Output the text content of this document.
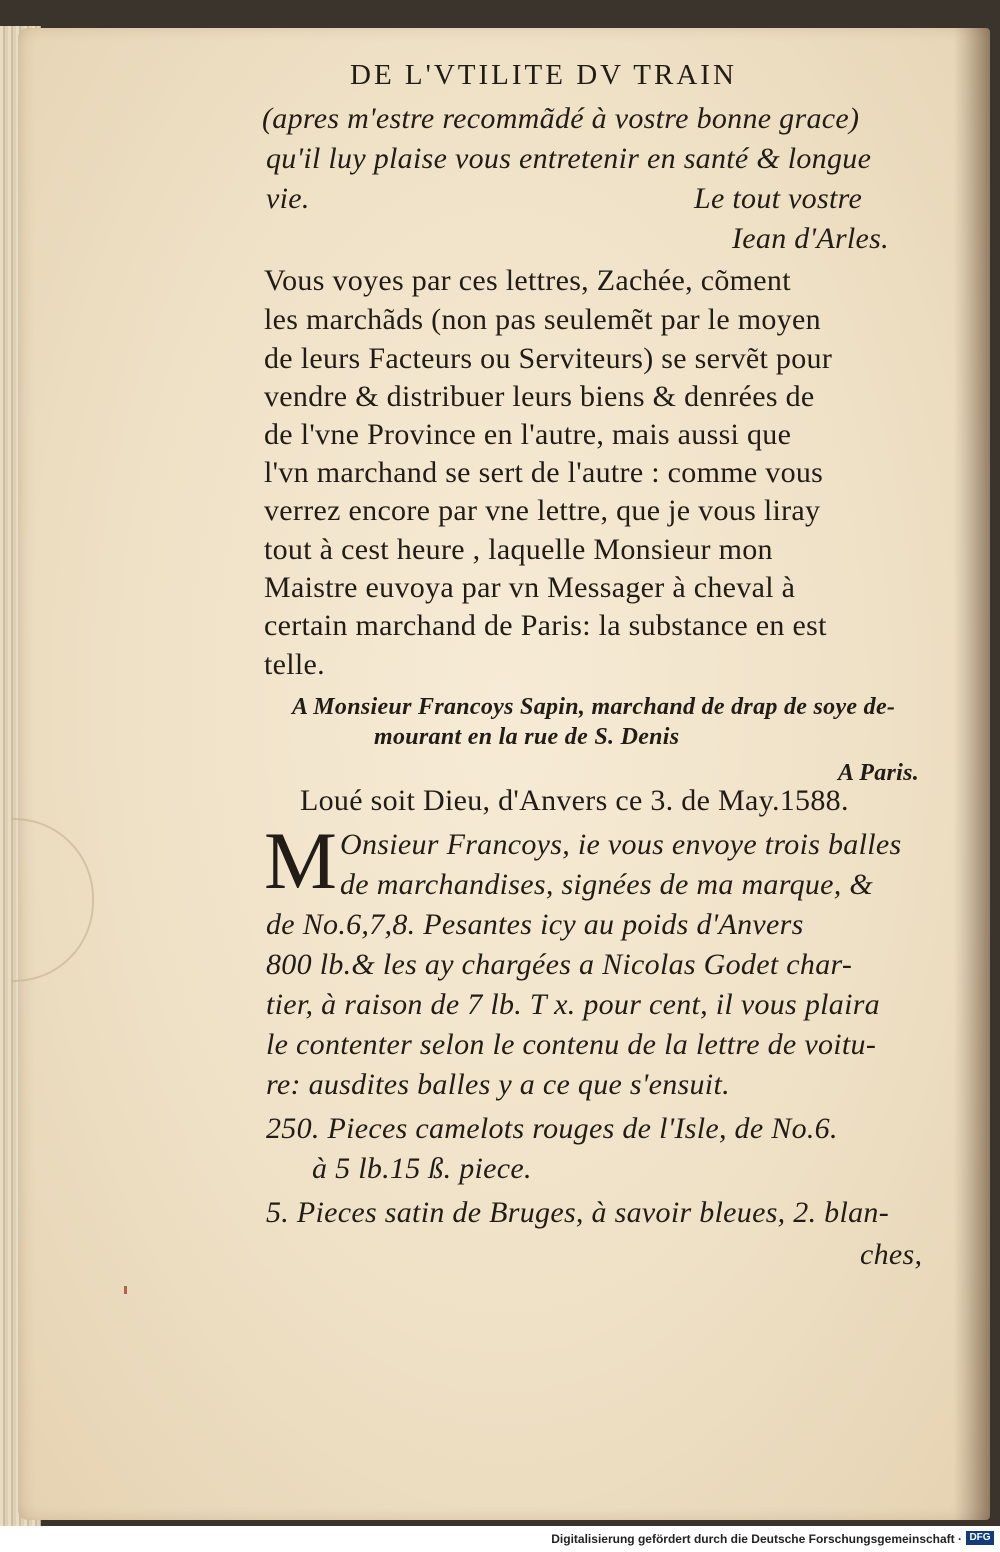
DE L'VTILITE DV TRAIN
(apres m'estre recommãdé à vostre bonne grace)
qu'il luy plaise vous entretenir en santé & longue
vie.	Le tout vostre
Iean d'Arles.
Vous voyes par ces lettres, Zachée, cõment
les marchãds (non pas seulemẽt par le moyen
de leurs Facteurs ou Serviteurs) se servẽt pour
vendre & distribuer leurs biens & denrées de
de l'vne Province en l'autre, mais aussi que
l'vn marchand se sert de l'autre : comme vous
verrez encore par vne lettre, que je vous liray
tout à cest heure , laquelle Monsieur mon
Maistre euvoya par vn Messager à cheval à
certain marchand de Paris: la substance en est
telle.
A Monsieur Francoys Sapin, marchand de drap de soye de-
mourant en la rue de S. Denis
A Paris.
Loué soit Dieu, d'Anvers ce 3. de May.1588.
M Onsieur Francoys, ie vous envoye trois balles
de marchandises, signées de ma marque, &
de No.6,7,8. Pesantes icy au poids d'Anvers
800 lb.& les ay chargées a Nicolas Godet char-
tier, à raison de 7 lb. T x. pour cent, il vous plaira
le contenter selon le contenu de la lettre de voitu-
re: ausdites balles y a ce que s'ensuit.
250. Pieces camelots rouges de l'Isle, de No.6.
à 5 lb.15 ß. piece.
5. Pieces satin de Bruges, à savoir bleues, 2. blan-
ches,
Digitalisierung gefördert durch die Deutsche Forschungsgemeinschaft · DFG
